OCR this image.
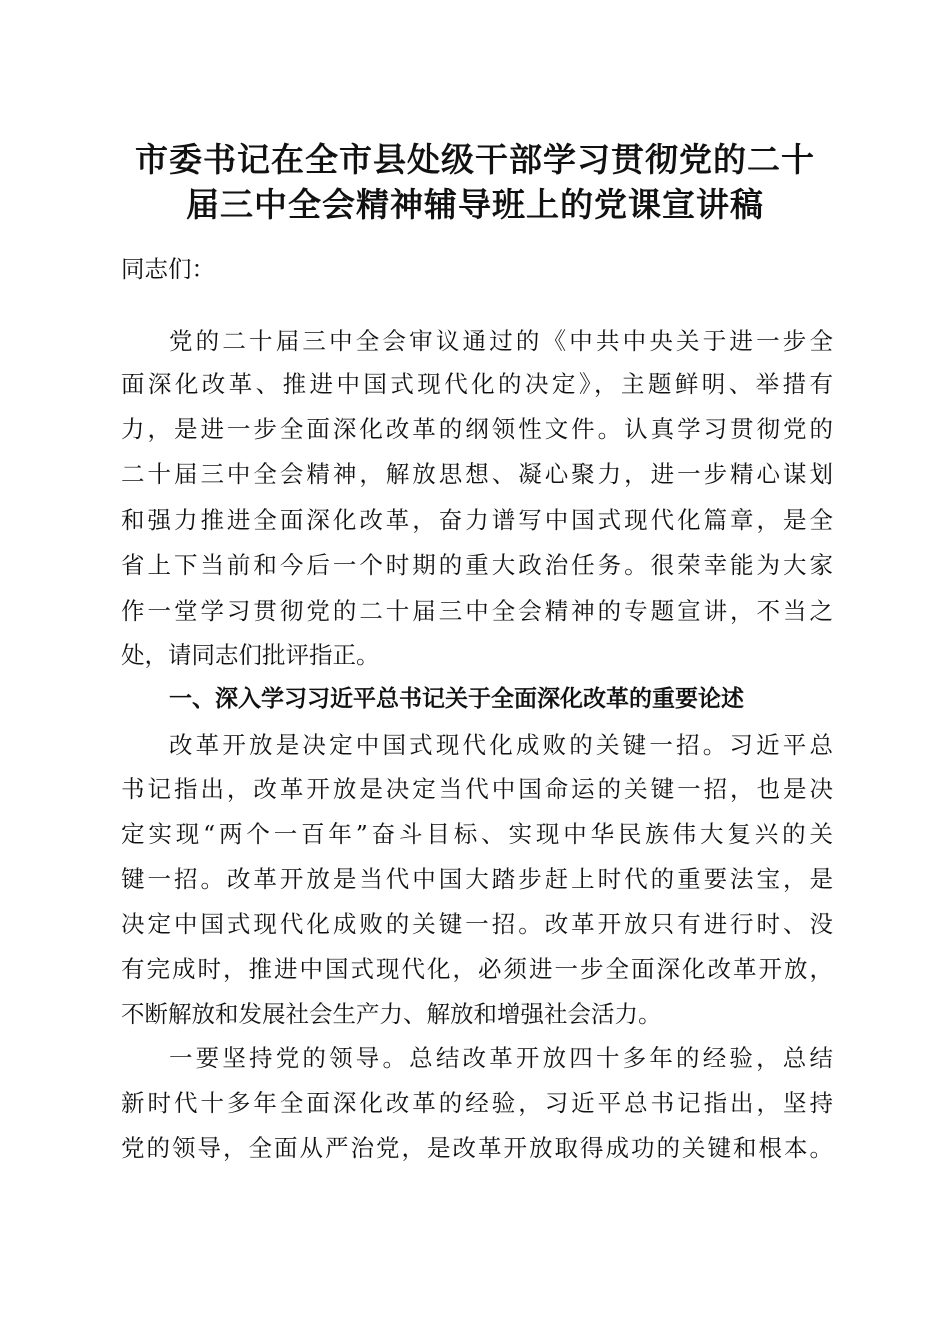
市委书记在全市县处级干部学习贯彻党的二十
届三中全会精神辅导班上的党课宣讲稿

同志们：

党的二十届三中全会审议通过的《中共中央关于进一步全

面深化改革、推进中国式现代化的决定》，主题鲜明、举措有

力，是进一步全面深化改革的纲领性文件。认真学习贯彻党的

二十届三中全会精神，解放思想、凝心聚力，进一步精心谋划

和强力推进全面深化改革，奋力谱写中国式现代化篇章，是全

省上下当前和今后一个时期的重大政治任务。很荣幸能为大家

作一堂学习贯彻党的二十届三中全会精神的专题宣讲，不当之

处，请同志们批评指正。

一、深入学习习近平总书记关于全面深化改革的重要论述

改革开放是决定中国式现代化成败的关键一招。习近平总

书记指出，改革开放是决定当代中国命运的关键一招，也是决

定实现“两个一百年”奋斗目标、实现中华民族伟大复兴的关

键一招。改革开放是当代中国大踏步赶上时代的重要法宝，是

决定中国式现代化成败的关键一招。改革开放只有进行时、没

有完成时，推进中国式现代化，必须进一步全面深化改革开放，

不断解放和发展社会生产力、解放和增强社会活力。

一要坚持党的领导。总结改革开放四十多年的经验，总结

新时代十多年全面深化改革的经验，习近平总书记指出，坚持

党的领导，全面从严治党，是改革开放取得成功的关键和根本。
